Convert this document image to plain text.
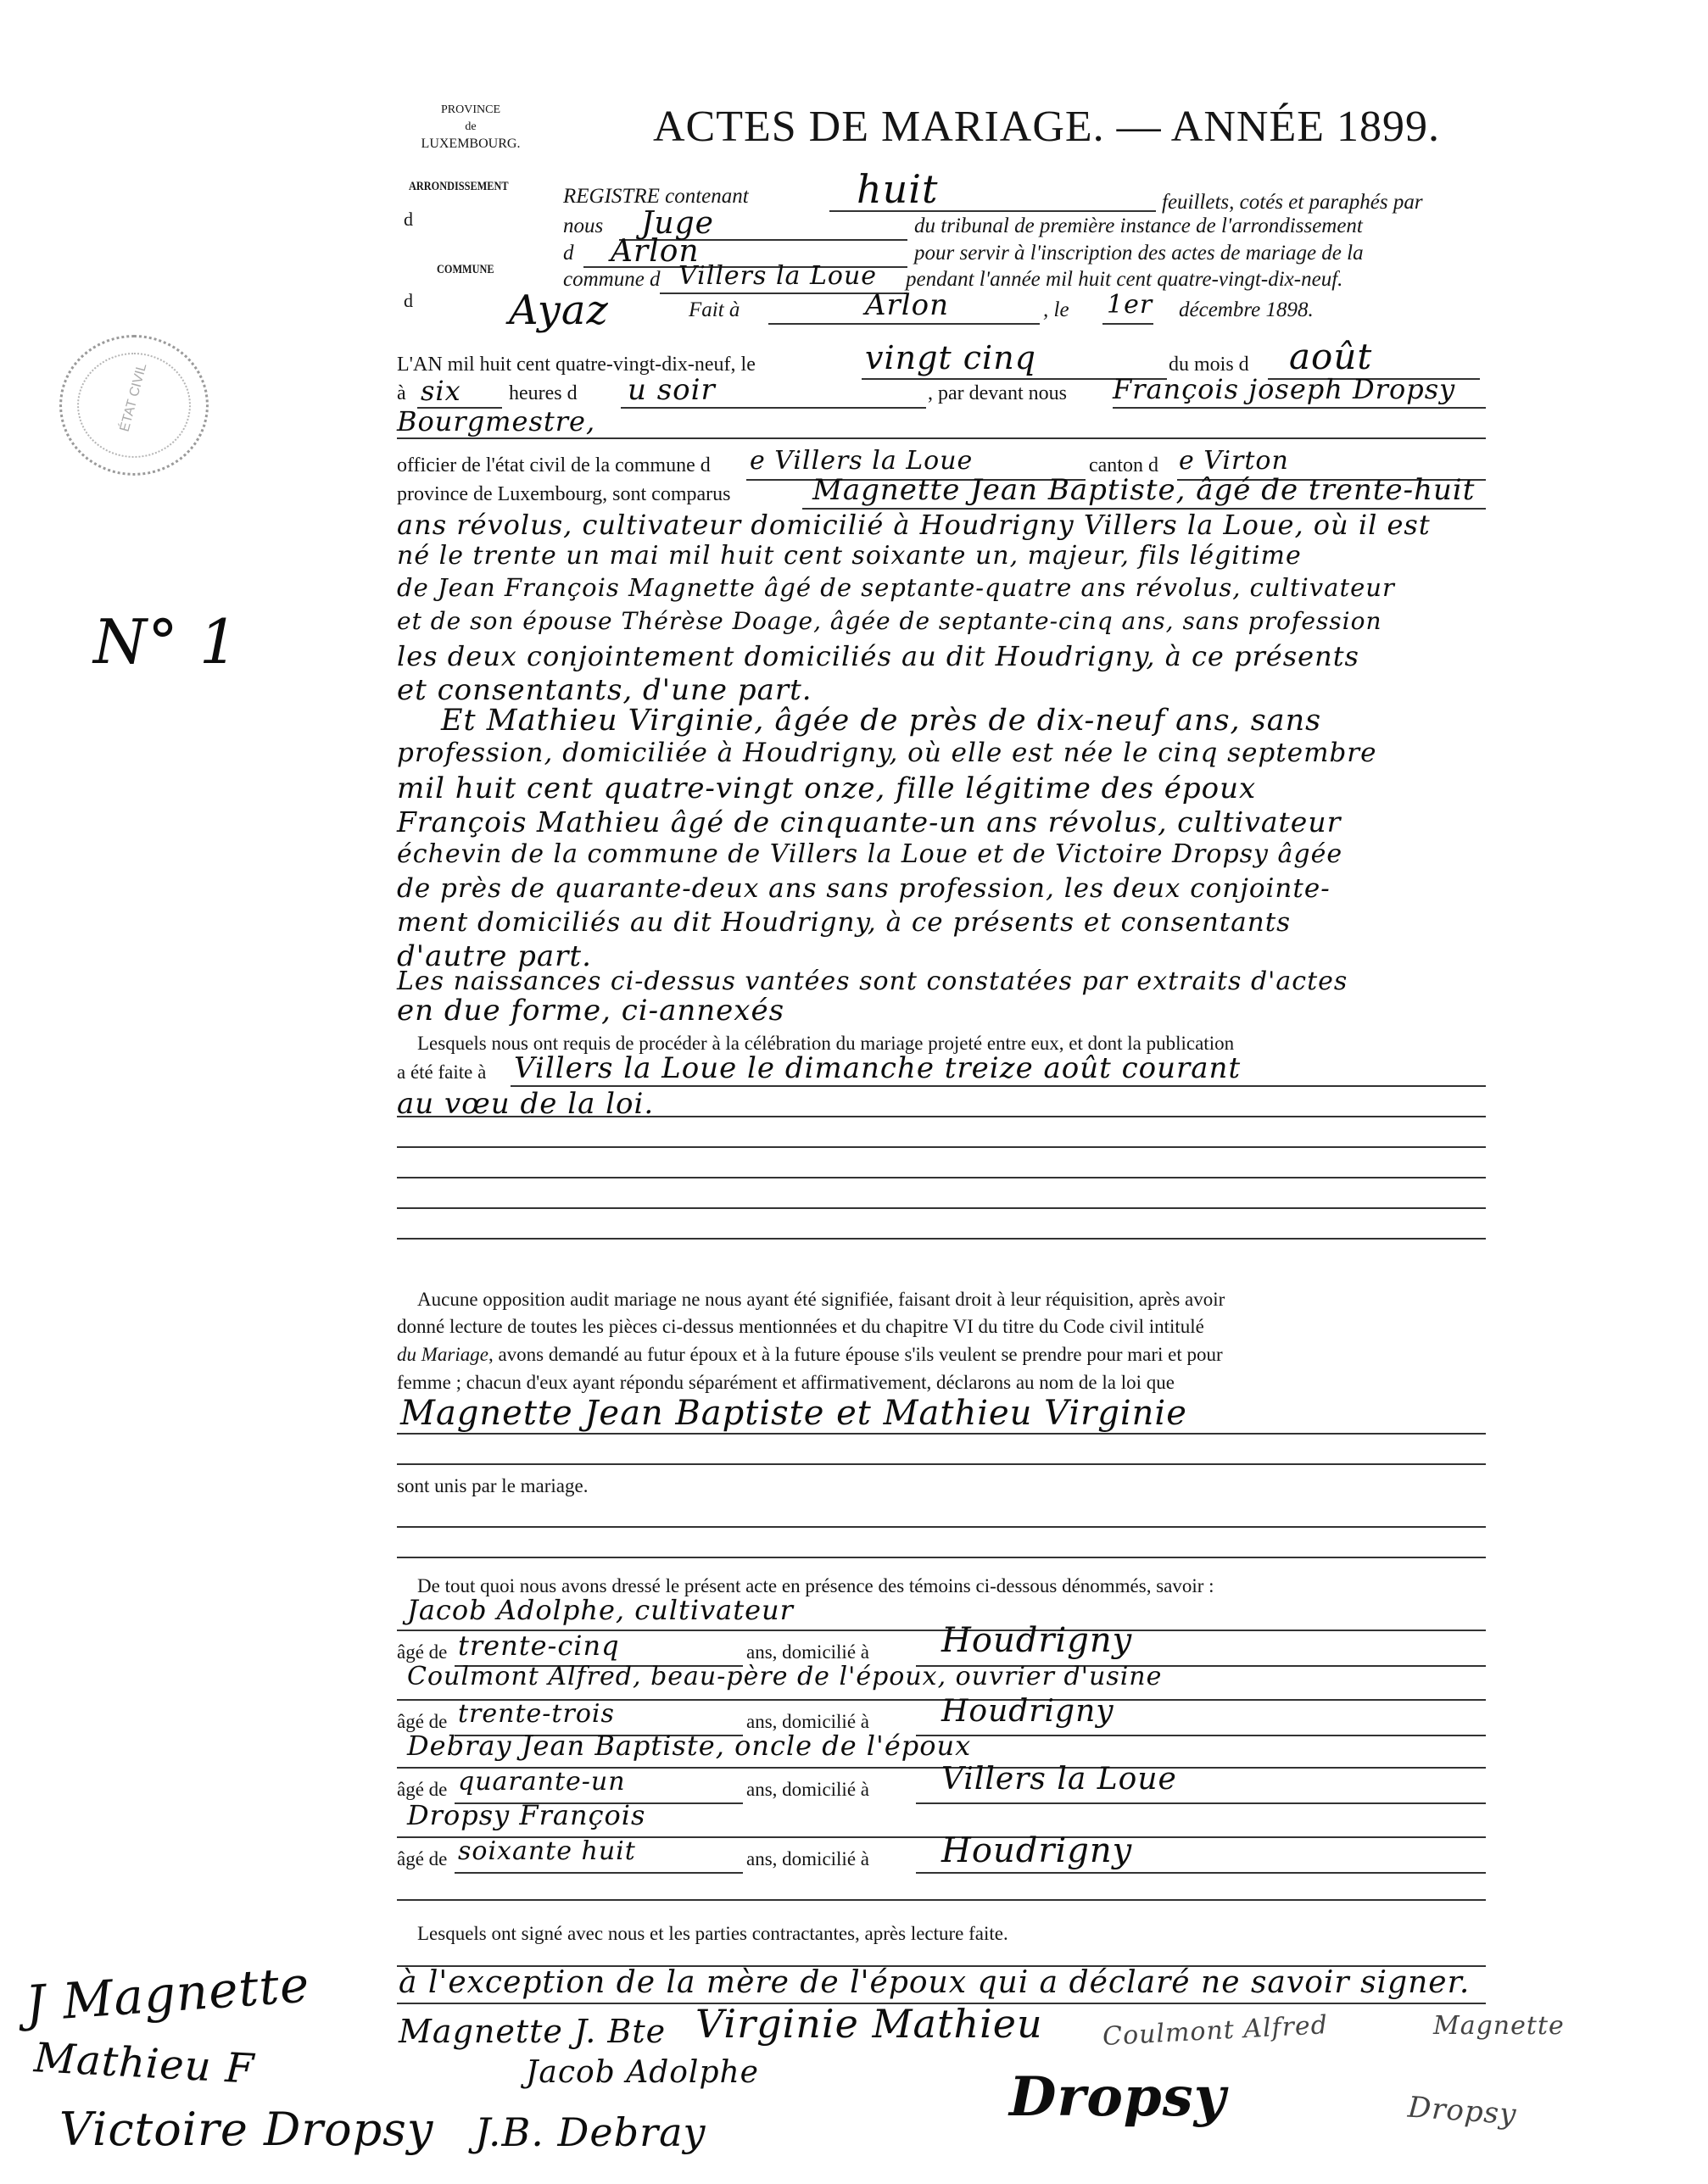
ÉTAT CIVIL
N° 1
PROVINCE
de
LUXEMBOURG.	ACTES DE MARIAGE. — ANNÉE 1899.
ARRONDISSEMENT
d
COMMUNE
d
REGISTRE contenant	huit	feuillets, cotés et paraphés par
nous Juge	du tribunal de première instance de l'arrondissement
d Arlon	pour servir à l'inscription des actes de mariage de la
commune d Villers la Loue pendant l'année mil huit cent quatre-vingt-dix-neuf.
Ayaz	Fait à	Arlon	, le 1er décembre 1898.
L'AN mil huit cent quatre-vingt-dix-neuf, le	vingt cinq	du mois d août
à six heures d u soir	, par devant nous François joseph Dropsy
Bourgmestre,
officier de l'état civil de la commune d e Villers la Loue	canton d e Virton
province de Luxembourg, sont comparus	Magnette Jean Baptiste, âgé de trente-huit
ans révolus, cultivateur domicilié à Houdrigny Villers la Loue, où il est
né le trente un mai mil huit cent soixante un, majeur, fils légitime
de Jean François Magnette âgé de septante-quatre ans révolus, cultivateur
et de son épouse Thérèse Doage, âgée de septante-cinq ans, sans profession
les deux conjointement domiciliés au dit Houdrigny, à ce présents
et consentants, d'une part.
Et Mathieu Virginie, âgée de près de dix-neuf ans, sans
profession, domiciliée à Houdrigny, où elle est née le cinq septembre
mil huit cent quatre-vingt onze, fille légitime des époux
François Mathieu âgé de cinquante-un ans révolus, cultivateur
échevin de la commune de Villers la Loue et de Victoire Dropsy âgée
de près de quarante-deux ans sans profession, les deux conjointe-
ment domiciliés au dit Houdrigny, à ce présents et consentants
d'autre part.
Les naissances ci-dessus vantées sont constatées par extraits d'actes
en due forme, ci-annexés
Lesquels nous ont requis de procéder à la célébration du mariage projeté entre eux, et dont la publication
a été faite à Villers la Loue le dimanche treize août courant
au vœu de la loi.
Aucune opposition audit mariage ne nous ayant été signifiée, faisant droit à leur réquisition, après avoir
donné lecture de toutes les pièces ci-dessus mentionnées et du chapitre VI du titre du Code civil intitulé
du Mariage, avons demandé au futur époux et à la future épouse s'ils veulent se prendre pour mari et pour
femme ; chacun d'eux ayant répondu séparément et affirmativement, déclarons au nom de la loi que
Magnette Jean Baptiste et Mathieu Virginie
sont unis par le mariage.
De tout quoi nous avons dressé le présent acte en présence des témoins ci-dessous dénommés, savoir :
Jacob Adolphe, cultivateur
âgé de trente-cinq	ans, domicilié à Houdrigny
Coulmont Alfred, beau-père de l'époux, ouvrier d'usine
âgé de trente-trois	ans, domicilié à Houdrigny
Debray Jean Baptiste, oncle de l'époux
âgé de quarante-un	ans, domicilié à Villers la Loue
Dropsy François
âgé de soixante huit	ans, domicilié à Houdrigny
Lesquels ont signé avec nous et les parties contractantes, après lecture faite.
à l'exception de la mère de l'époux qui a déclaré ne savoir signer.
J Magnette
Mathieu F
Victoire Dropsy J.B. Debray
Magnette J. Bte Virginie Mathieu Coulmont Alfred	Magnette
Jacob Adolphe	Dropsy	Dropsy
